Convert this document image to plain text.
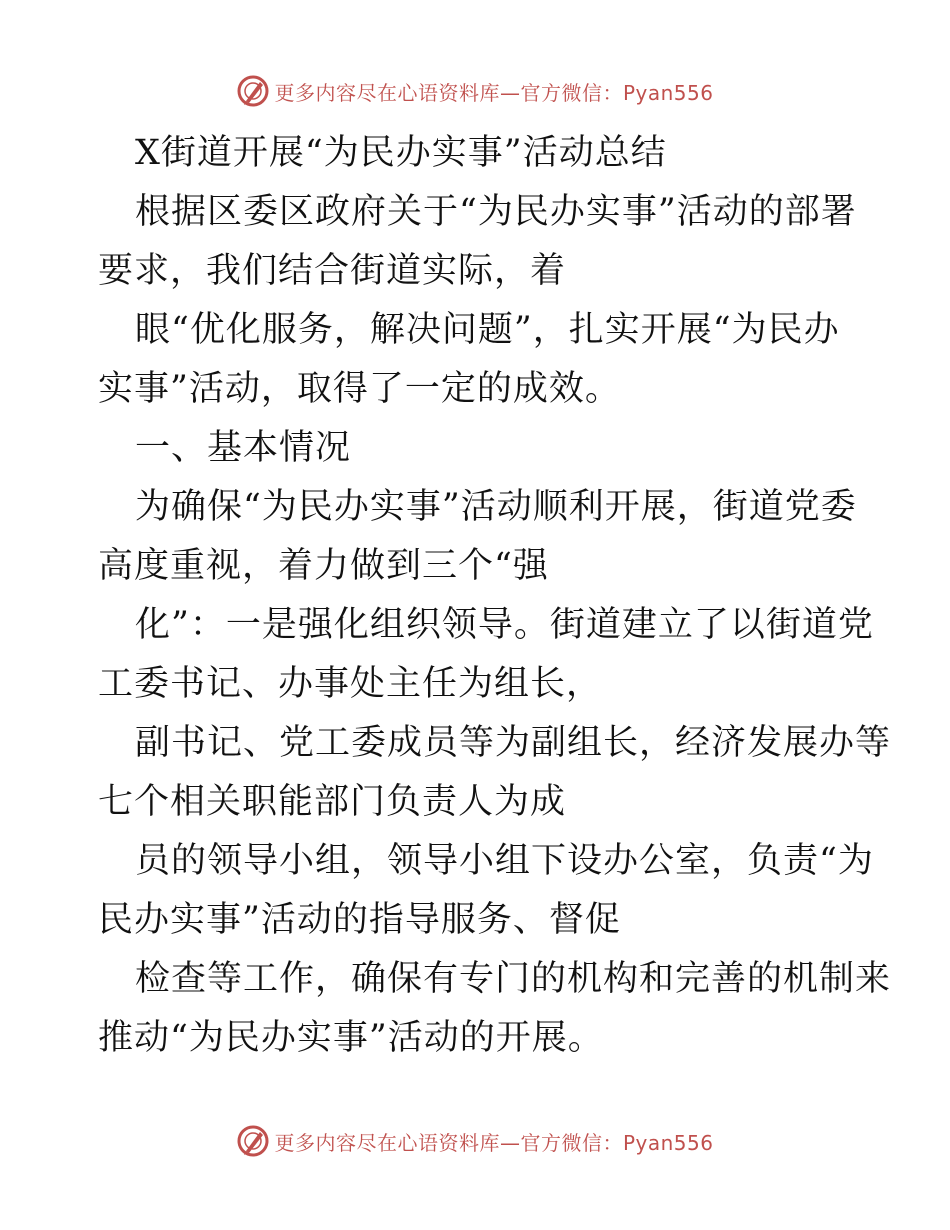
更多内容尽在心语资料库—官方微信：Pyan556
X街道开展“为民办实事”活动总结
根据区委区政府关于“为民办实事”活动的部署
要求，我们结合街道实际，着
眼“优化服务，解决问题”，扎实开展“为民办
实事”活动，取得了一定的成效。
一、基本情况
为确保“为民办实事”活动顺利开展，街道党委
高度重视，着力做到三个“强
化”：一是强化组织领导。街道建立了以街道党
工委书记、办事处主任为组长，
副书记、党工委成员等为副组长，经济发展办等
七个相关职能部门负责人为成
员的领导小组，领导小组下设办公室，负责“为
民办实事”活动的指导服务、督促
检查等工作，确保有专门的机构和完善的机制来
推动“为民办实事”活动的开展。
更多内容尽在心语资料库—官方微信：Pyan556
